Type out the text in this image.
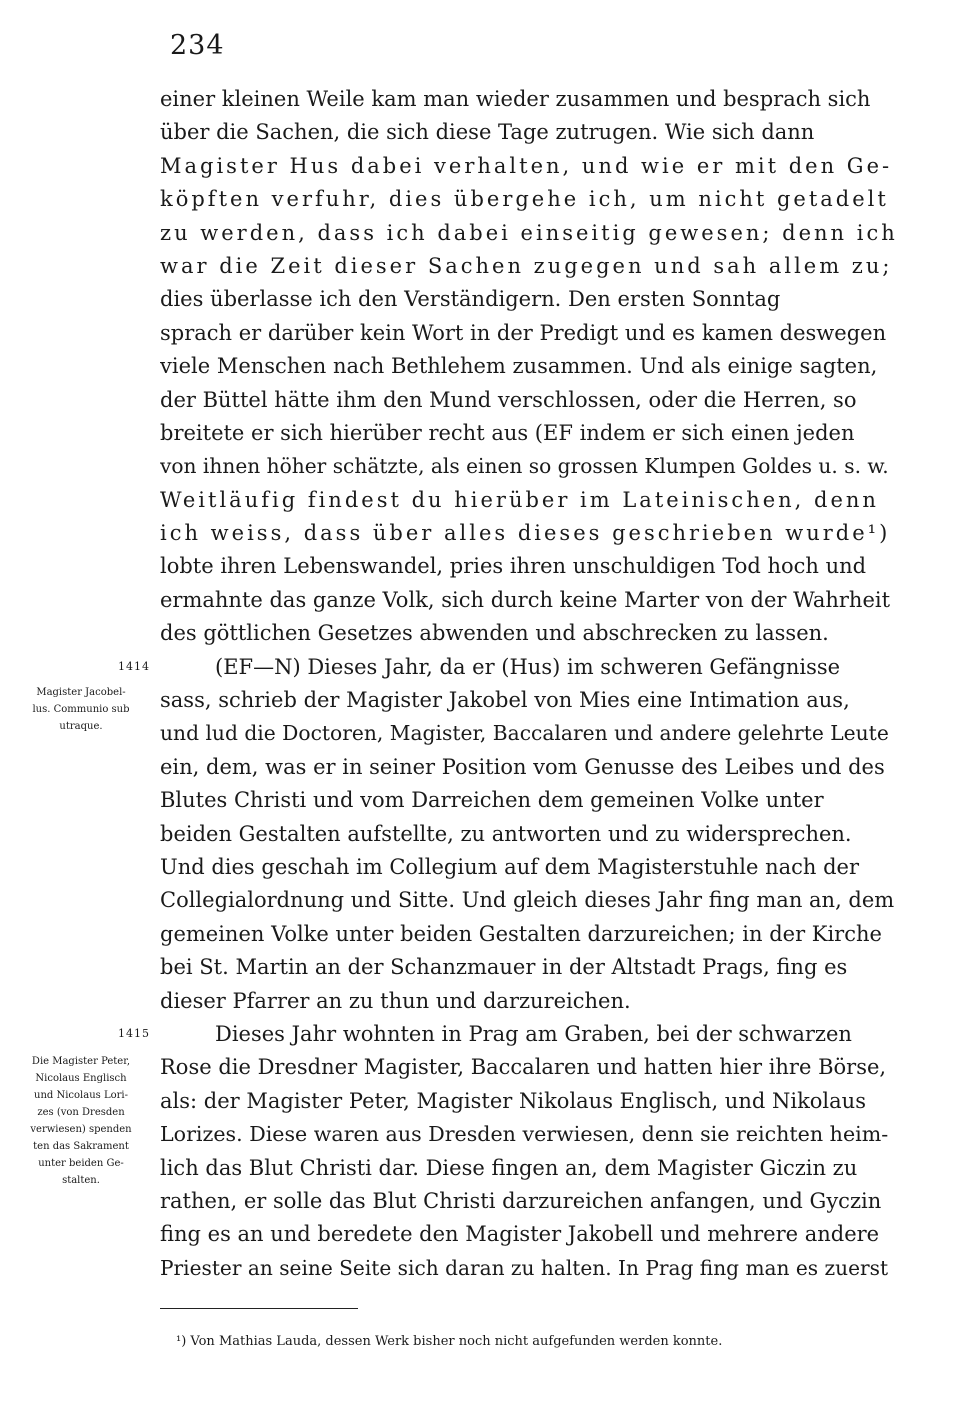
234
einer kleinen Weile kam man wieder zusammen und besprach sich
über die Sachen, die sich diese Tage zutrugen. Wie sich dann
Magister Hus dabei verhalten, und wie er mit den Ge-
köpften verfuhr, dies übergehe ich, um nicht getadelt
zu werden, dass ich dabei einseitig gewesen; denn ich
war die Zeit dieser Sachen zugegen und sah allem zu;
dies überlasse ich den Verständigern. Den ersten Sonntag
sprach er darüber kein Wort in der Predigt und es kamen deswegen
viele Menschen nach Bethlehem zusammen. Und als einige sagten,
der Büttel hätte ihm den Mund verschlossen, oder die Herren, so
breitete er sich hierüber recht aus (EF indem er sich einen jeden
von ihnen höher schätzte, als einen so grossen Klumpen Goldes u. s. w.
Weitläufig findest du hierüber im Lateinischen, denn
ich weiss, dass über alles dieses geschrieben wurde¹)
lobte ihren Lebenswandel, pries ihren unschuldigen Tod hoch und
ermahnte das ganze Volk, sich durch keine Marter von der Wahrheit
des göttlichen Gesetzes abwenden und abschrecken zu lassen.
(EF—N) Dieses Jahr, da er (Hus) im schweren Gefängnisse
sass, schrieb der Magister Jakobel von Mies eine Intimation aus,
und lud die Doctoren, Magister, Baccalaren und andere gelehrte Leute
ein, dem, was er in seiner Position vom Genusse des Leibes und des
Blutes Christi und vom Darreichen dem gemeinen Volke unter
beiden Gestalten aufstellte, zu antworten und zu widersprechen.
Und dies geschah im Collegium auf dem Magisterstuhle nach der
Collegialordnung und Sitte. Und gleich dieses Jahr fing man an, dem
gemeinen Volke unter beiden Gestalten darzureichen; in der Kirche
bei St. Martin an der Schanzmauer in der Altstadt Prags, fing es
dieser Pfarrer an zu thun und darzureichen.
Dieses Jahr wohnten in Prag am Graben, bei der schwarzen
Rose die Dresdner Magister, Baccalaren und hatten hier ihre Börse,
als: der Magister Peter, Magister Nikolaus Englisch, und Nikolaus
Lorizes. Diese waren aus Dresden verwiesen, denn sie reichten heim-
lich das Blut Christi dar. Diese fingen an, dem Magister Giczin zu
rathen, er solle das Blut Christi darzureichen anfangen, und Gyczin
fing es an und beredete den Magister Jakobell und mehrere andere
Priester an seine Seite sich daran zu halten. In Prag fing man es zuerst
1414
Magister Jacobel-
lus. Communio sub
utraque.
1415
Die Magister Peter,
Nicolaus Englisch
und Nicolaus Lori-
zes (von Dresden
verwiesen) spenden
ten das Sakrament
unter beiden Ge-
stalten.
¹) Von Mathias Lauda, dessen Werk bisher noch nicht aufgefunden werden konnte.
